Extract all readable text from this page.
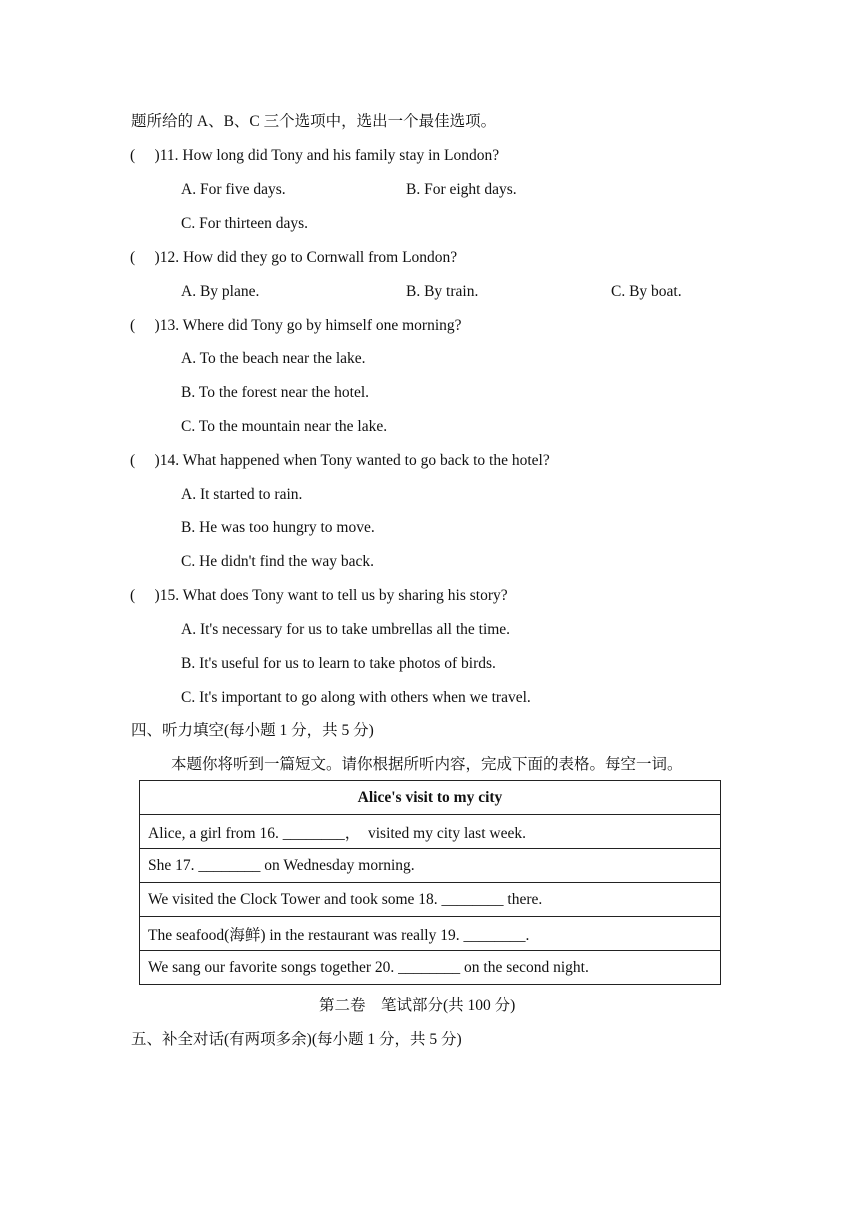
题所给的 A、B、C 三个选项中，选出一个最佳选项。
(　 )11. How long did Tony and his family stay in London?
A. For five days.	B. For eight days.
C. For thirteen days.
(　 )12. How did they go to Cornwall from London?
A. By plane.	B. By train.	C. By boat.
(　 )13. Where did Tony go by himself one morning?
A. To the beach near the lake.
B. To the forest near the hotel.
C. To the mountain near the lake.
(　 )14. What happened when Tony wanted to go back to the hotel?
A. It started to rain.
B. He was too hungry to move.
C. He didn't find the way back.
(　 )15. What does Tony want to tell us by sharing his story?
A. It's necessary for us to take umbrellas all the time.
B. It's useful for us to learn to take photos of birds.
C. It's important to go along with others when we travel.
四、听力填空(每小题 1 分，共 5 分)
本题你将听到一篇短文。请你根据所听内容，完成下面的表格。每空一词。
Alice's visit to my city
Alice, a girl from 16. ________，　visited my city last week.
She 17. ________ on Wednesday morning.
We visited the Clock Tower and took some 18. ________ there.
The seafood(海鲜) in the restaurant was really 19. ________.
We sang our favorite songs together 20. ________ on the second night.
第二卷　笔试部分(共 100 分)
五、补全对话(有两项多余)(每小题 1 分，共 5 分)
